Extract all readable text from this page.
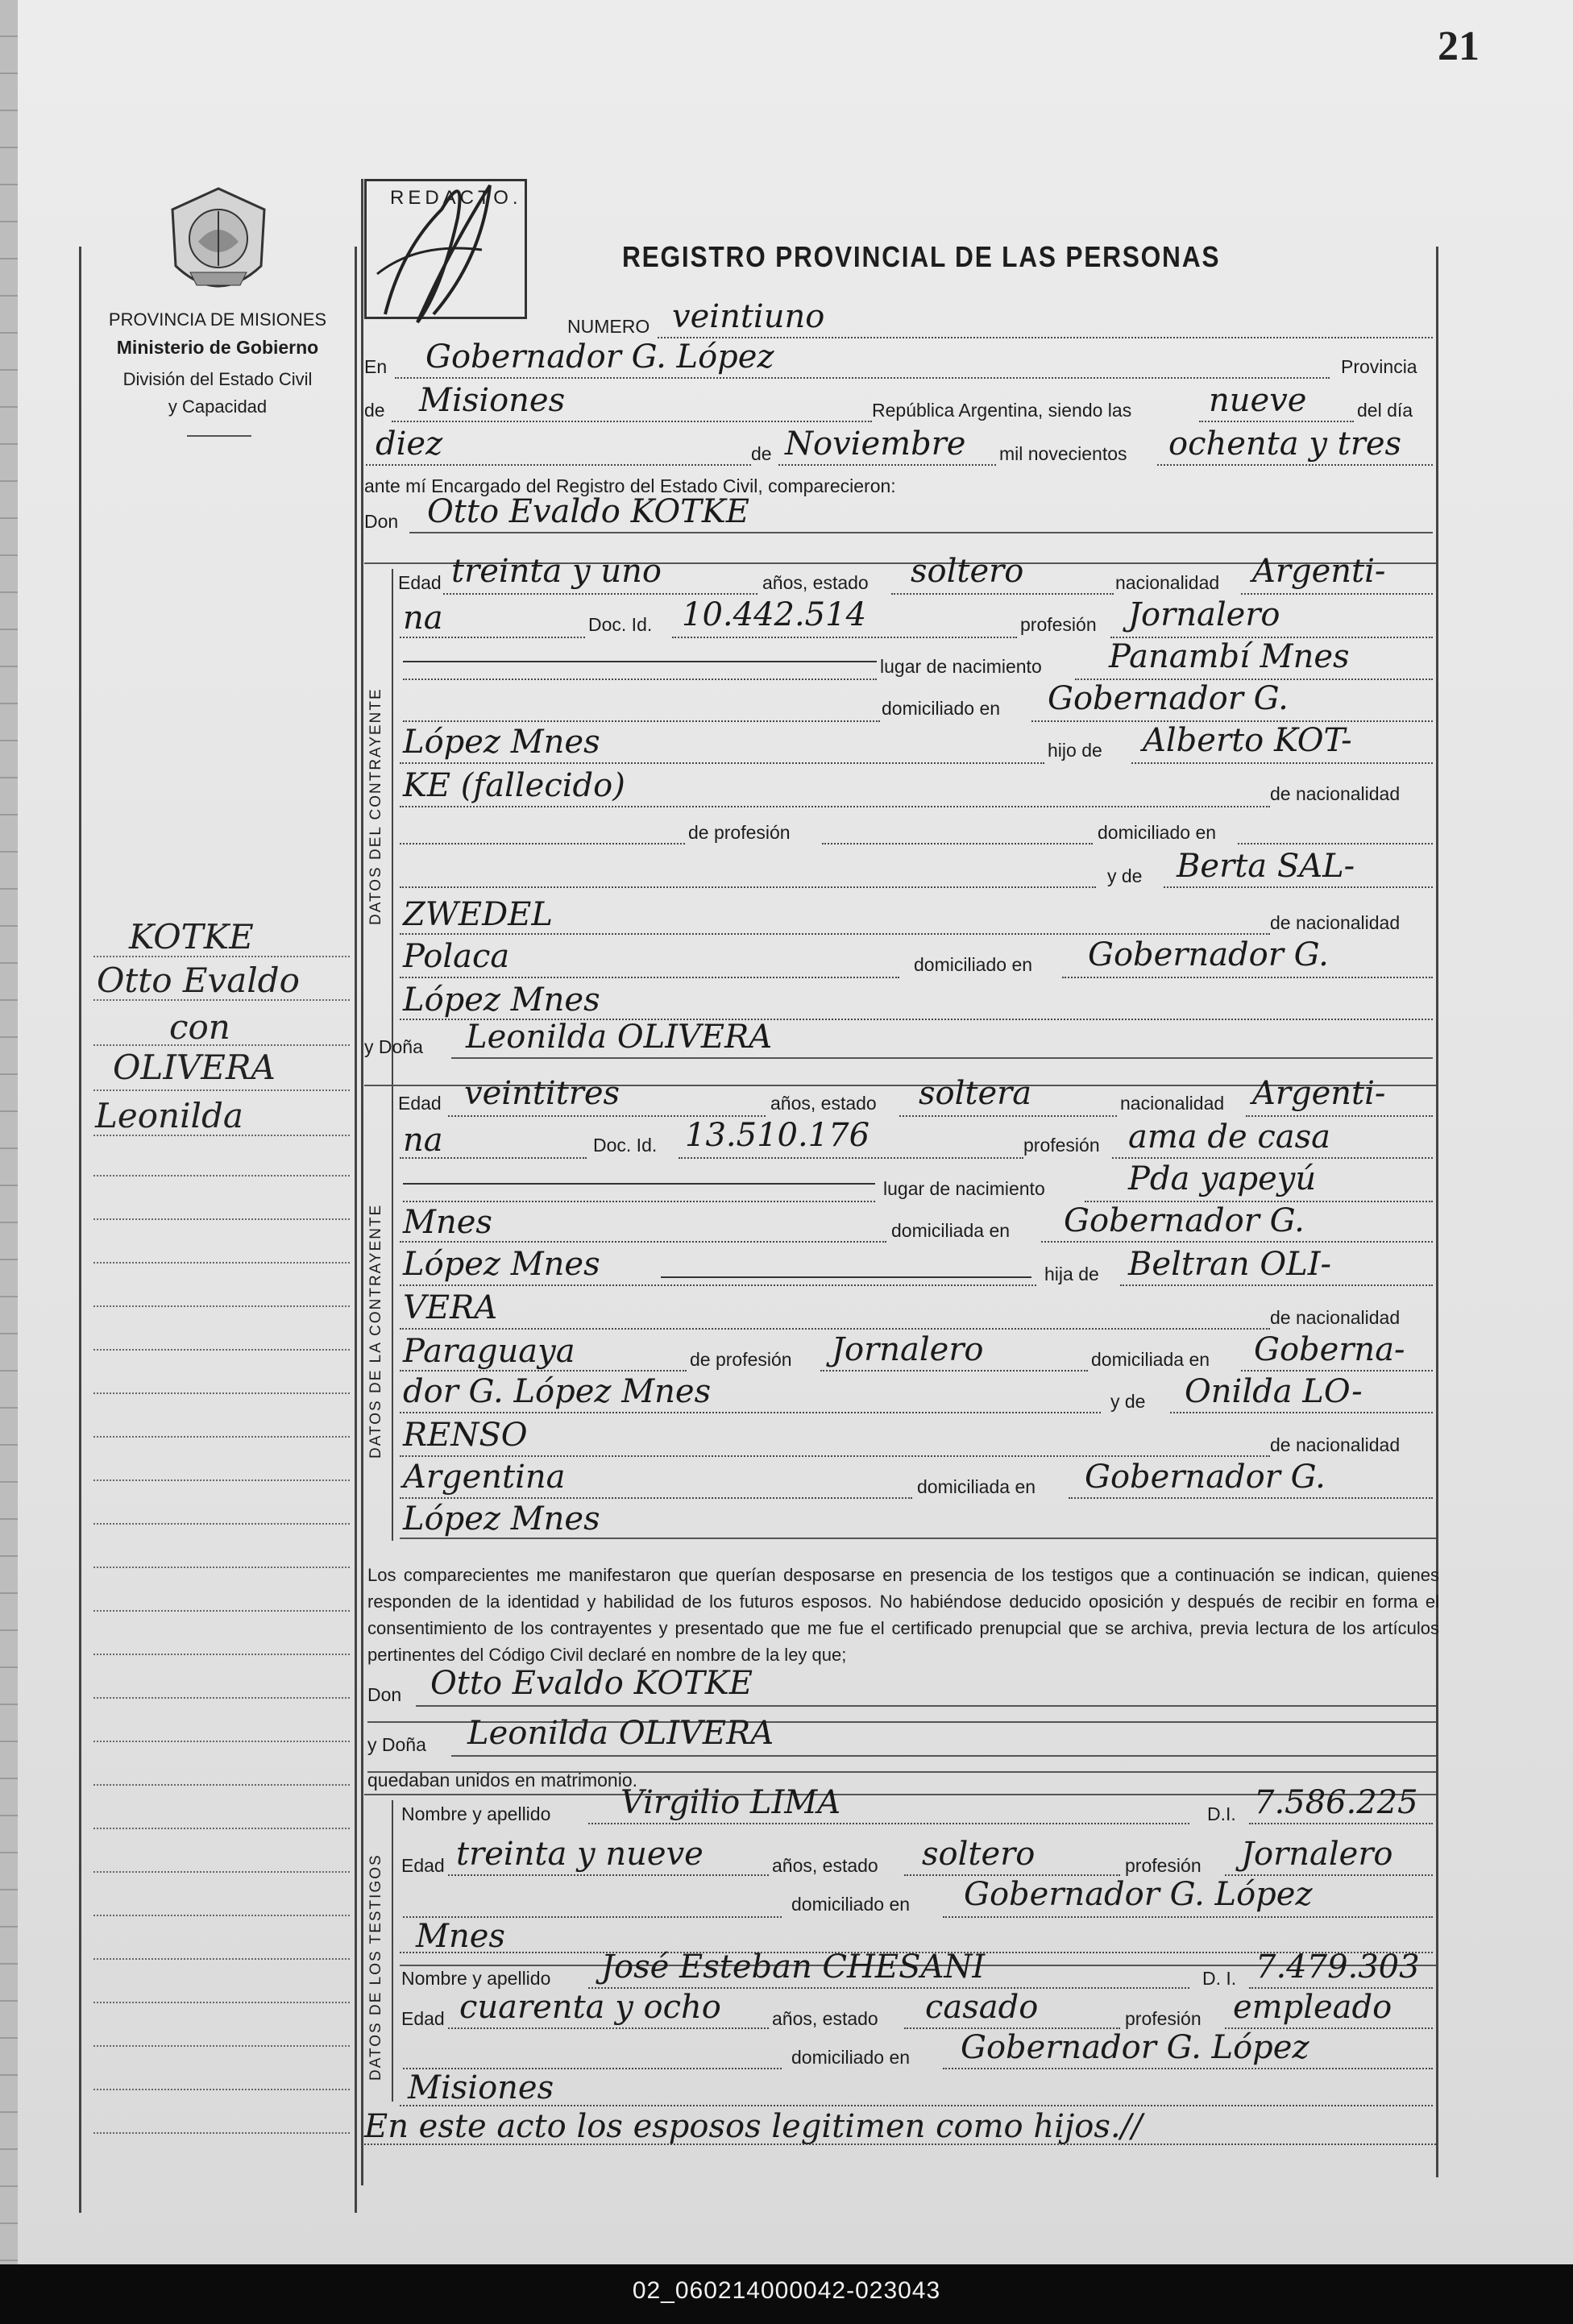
21
PROVINCIA DE MISIONES
Ministerio de Gobierno
División del Estado Civil
y Capacidad
KOTKE
Otto Evaldo
con
OLIVERA
Leonilda
REDACTO.
REGISTRO PROVINCIAL DE LAS PERSONAS
NUMERO veintiuno
En Gobernador G. López	Provincia
de Misiones	República Argentina, siendo las nueve	del día
diez	de Noviembre mil novecientos ochenta y tres
ante mí Encargado del Registro del Estado Civil, comparecieron:
Don Otto Evaldo KOTKE
DATOS DEL CONTRAYENTE
DATOS DE LA CONTRAYENTE
DATOS DE LOS TESTIGOS
Edad treinta y uno	años, estado soltero	nacionalidad Argenti-
na	Doc. Id. 10.442.514	profesión Jornalero
lugar de nacimiento Panambí Mnes
domiciliado en Gobernador G.
López Mnes	hijo de Alberto KOT-
KE (fallecido)	de nacionalidad
de profesión	domiciliado en
y de Berta SAL-
ZWEDEL	de nacionalidad
Polaca	domiciliado en Gobernador G.
López Mnes
y Doña Leonilda OLIVERA
Edad veintitres	años, estado soltera	nacionalidad Argenti-
na	Doc. Id. 13.510.176	profesión ama de casa
lugar de nacimiento	Pda yapeyú
Mnes	domiciliada en Gobernador G.
López Mnes	hija de Beltran OLI-
VERA	de nacionalidad
Paraguaya	de profesión Jornalero	domiciliada en Goberna-
dor G. López Mnes	y de Onilda LO-
RENSO	de nacionalidad
Argentina	domiciliada en Gobernador G.
López Mnes
Los comparecientes me manifestaron que querían desposarse en presencia de los testigos que a continuación se indican, quienes responden de la identidad y habilidad de los futuros esposos. No habiéndose deducido oposición y después de recibir en forma el consentimiento de los contrayentes y presentado que me fue el certificado prenupcial que se archiva, previa lectura de los artículos pertinentes del Código Civil declaré en nombre de la ley que;
Don Otto Evaldo KOTKE
y Doña Leonilda OLIVERA
quedaban unidos en matrimonio.
Nombre y apellido Virgilio LIMA	D.I. 7.586.225
Edad treinta y nueve	años, estado soltero	profesión Jornalero
domiciliado en Gobernador G. López
Mnes
Nombre y apellido José Esteban CHESANI	D. I. 7.479.303
Edad cuarenta y ocho	años, estado casado	profesión empleado
domiciliado en Gobernador G. López
Misiones
En este acto los esposos legitimen como hijos.//
02_060214000042-023043
